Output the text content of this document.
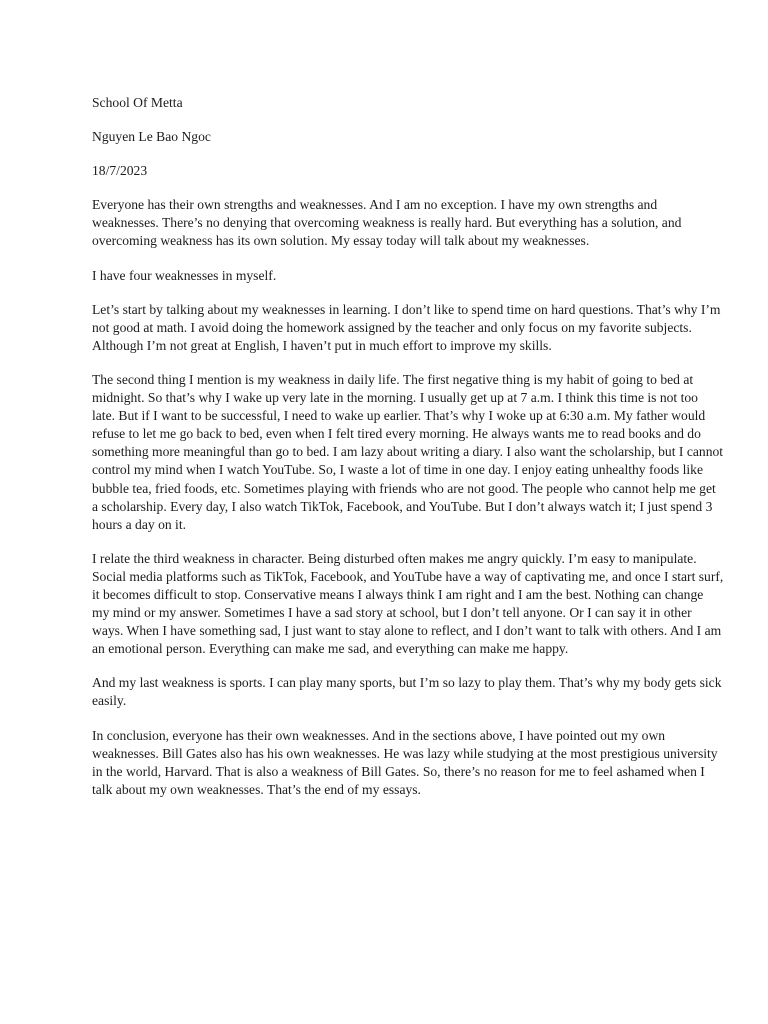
School Of Metta

Nguyen Le Bao Ngoc

18/7/2023

Everyone has their own strengths and weaknesses. And I am no exception. I have my own strengths and weaknesses. There’s no denying that overcoming weakness is really hard. But everything has a solution, and overcoming weakness has its own solution. My essay today will talk about my weaknesses.

I have four weaknesses in myself.

Let’s start by talking about my weaknesses in learning. I don’t like to spend time on hard questions. That’s why I’m not good at math. I avoid doing the homework assigned by the teacher and only focus on my favorite subjects. Although I’m not great at English, I haven’t put in much effort to improve my skills.

The second thing I mention is my weakness in daily life. The first negative thing is my habit of going to bed at midnight. So that’s why I wake up very late in the morning. I usually get up at 7 a.m. I think this time is not too late. But if I want to be successful, I need to wake up earlier. That’s why I woke up at 6:30 a.m. My father would refuse to let me go back to bed, even when I felt tired every morning. He always wants me to read books and do something more meaningful than go to bed. I am lazy about writing a diary. I also want the scholarship, but I cannot control my mind when I watch YouTube. So, I waste a lot of time in one day. I enjoy eating unhealthy foods like bubble tea, fried foods, etc. Sometimes playing with friends who are not good. The people who cannot help me get a scholarship. Every day, I also watch TikTok, Facebook, and YouTube. But I don’t always watch it; I just spend 3 hours a day on it.

I relate the third weakness in character. Being disturbed often makes me angry quickly. I’m easy to manipulate. Social media platforms such as TikTok, Facebook, and YouTube have a way of captivating me, and once I start surf, it becomes difficult to stop. Conservative means I always think I am right and I am the best. Nothing can change my mind or my answer. Sometimes I have a sad story at school, but I don’t tell anyone. Or I can say it in other ways. When I have something sad, I just want to stay alone to reflect, and I don’t want to talk with others. And I am an emotional person. Everything can make me sad, and everything can make me happy.

And my last weakness is sports. I can play many sports, but I’m so lazy to play them. That’s why my body gets sick easily.

In conclusion, everyone has their own weaknesses. And in the sections above, I have pointed out my own weaknesses. Bill Gates also has his own weaknesses. He was lazy while studying at the most prestigious university in the world, Harvard. That is also a weakness of Bill Gates. So, there’s no reason for me to feel ashamed when I talk about my own weaknesses. That’s the end of my essays.
